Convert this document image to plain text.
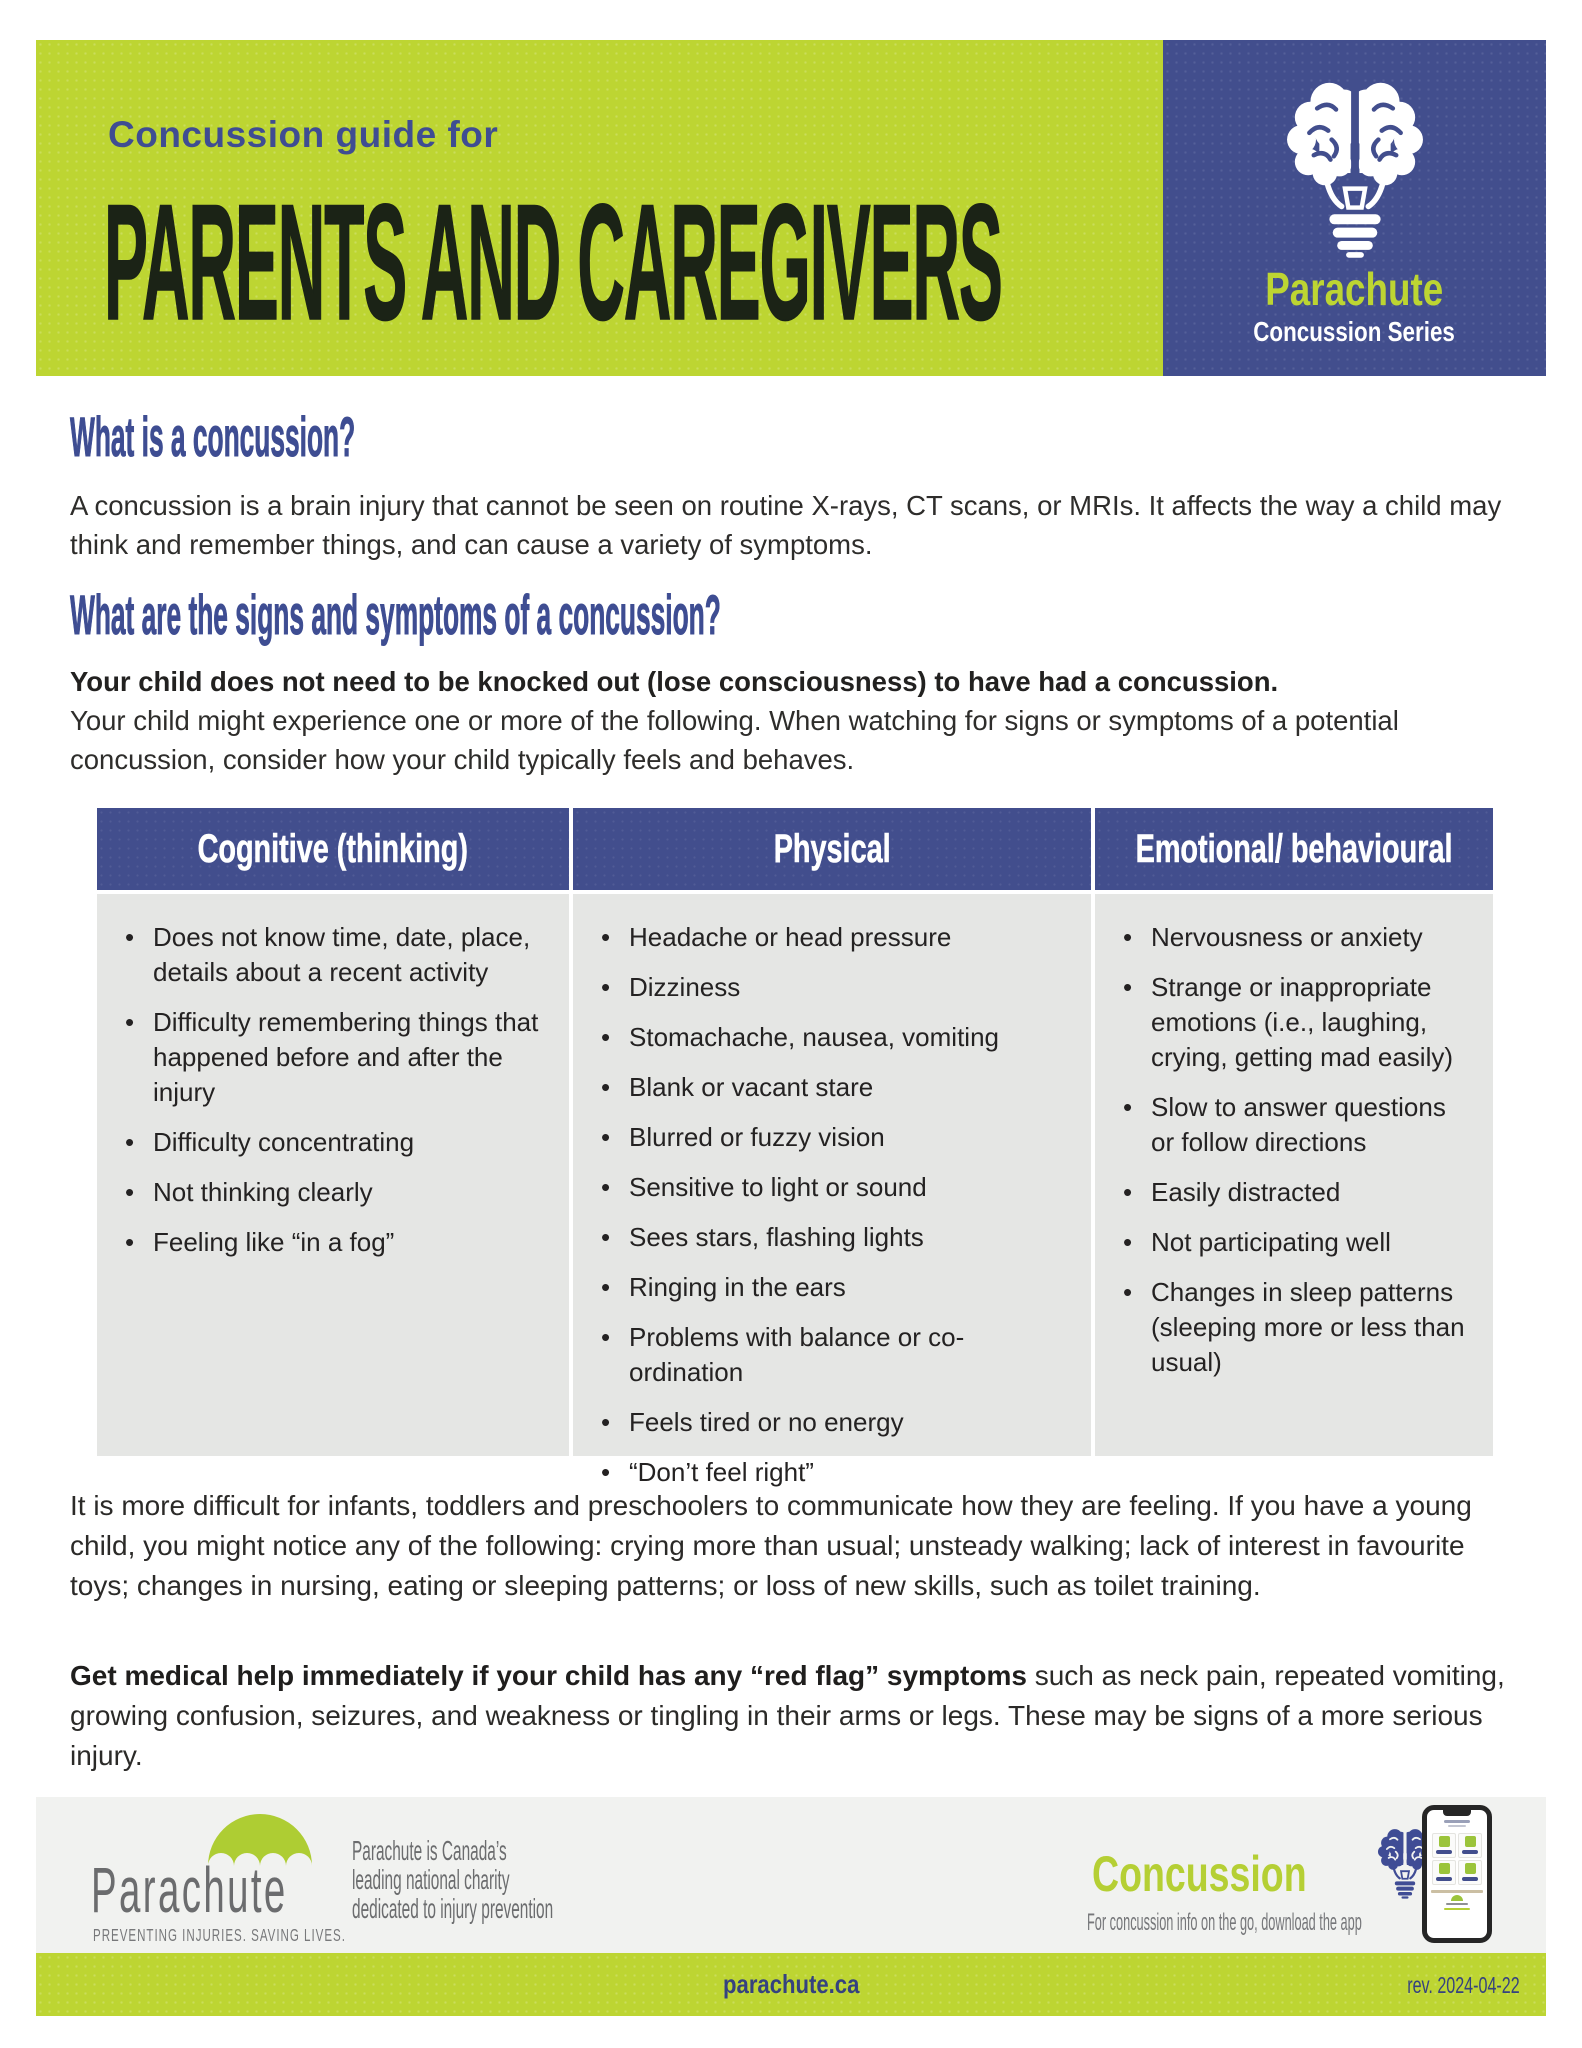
Concussion guide for
PARENTS AND CAREGIVERS	Parachute
Concussion Series
What is a concussion?
A concussion is a brain injury that cannot be seen on routine X-rays, CT scans, or MRIs. It affects the way a child may think and remember things, and can cause a variety of symptoms.
What are the signs and symptoms of a concussion?
Your child does not need to be knocked out (lose consciousness) to have had a concussion.
Your child might experience one or more of the following. When watching for signs or symptoms of a potential concussion, consider how your child typically feels and behaves.
Cognitive (thinking)
• Does not know time, date, place, details about a recent activity
• Difficulty remembering things that happened before and after the injury
• Difficulty concentrating
• Not thinking clearly
• Feeling like “in a fog”
Physical
• Headache or head pressure
• Dizziness
• Stomachache, nausea, vomiting
• Blank or vacant stare
• Blurred or fuzzy vision
• Sensitive to light or sound
• Sees stars, flashing lights
• Ringing in the ears
• Problems with balance or co-ordination
• Feels tired or no energy
• “Don’t feel right”
Emotional/ behavioural
• Nervousness or anxiety
• Strange or inappropriate emotions (i.e., laughing, crying, getting mad easily)
• Slow to answer questions or follow directions
• Easily distracted
• Not participating well
• Changes in sleep patterns (sleeping more or less than usual)
It is more difficult for infants, toddlers and preschoolers to communicate how they are feeling. If you have a young child, you might notice any of the following: crying more than usual; unsteady walking; lack of interest in favourite toys; changes in nursing, eating or sleeping patterns; or loss of new skills, such as toilet training.
Get medical help immediately if your child has any “red flag” symptoms such as neck pain, repeated vomiting, growing confusion, seizures, and weakness or tingling in their arms or legs. These may be signs of a more serious injury.
Parachute
PREVENTING INJURIES. SAVING LIVES.
Parachute is Canada’s
leading national charity
dedicated to injury prevention
Concussion
For concussion info on the go, download the app
parachute.ca	rev. 2024-04-22
